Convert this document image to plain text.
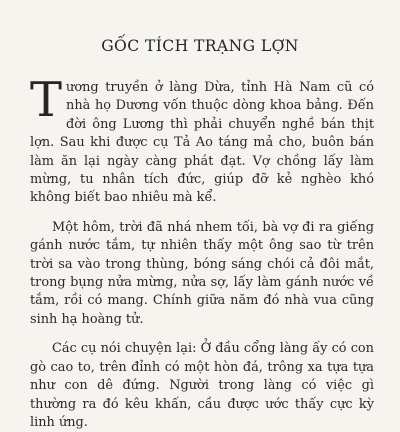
GỐC TÍCH TRẠNG LỢN

Tương truyền ở làng Dừa, tỉnh Hà Nam cũ có nhà họ Dương vốn thuộc dòng khoa bảng. Đến đời ông Lương thì phải chuyển nghề bán thịt lợn. Sau khi được cụ Tả Ao táng mả cho, buôn bán làm ăn lại ngày càng phát đạt. Vợ chồng lấy làm mừng, tu nhân tích đức, giúp đỡ kẻ nghèo khó không biết bao nhiêu mà kể.

Một hôm, trời đã nhá nhem tối, bà vợ đi ra giếng gánh nước tắm, tự nhiên thấy một ông sao từ trên trời sa vào trong thùng, bóng sáng chói cả đôi mắt, trong bụng nửa mừng, nửa sợ, lấy làm gánh nước về tắm, rồi có mang. Chính giữa năm đó nhà vua cũng sinh hạ hoàng tử.

Các cụ nói chuyện lại: Ở đầu cổng làng ấy có con gò cao to, trên đỉnh có một hòn đá, trông xa tựa tựa như con dê đứng. Người trong làng có việc gì thường ra đó kêu khấn, cầu được ước thấy cực kỳ linh ứng.
